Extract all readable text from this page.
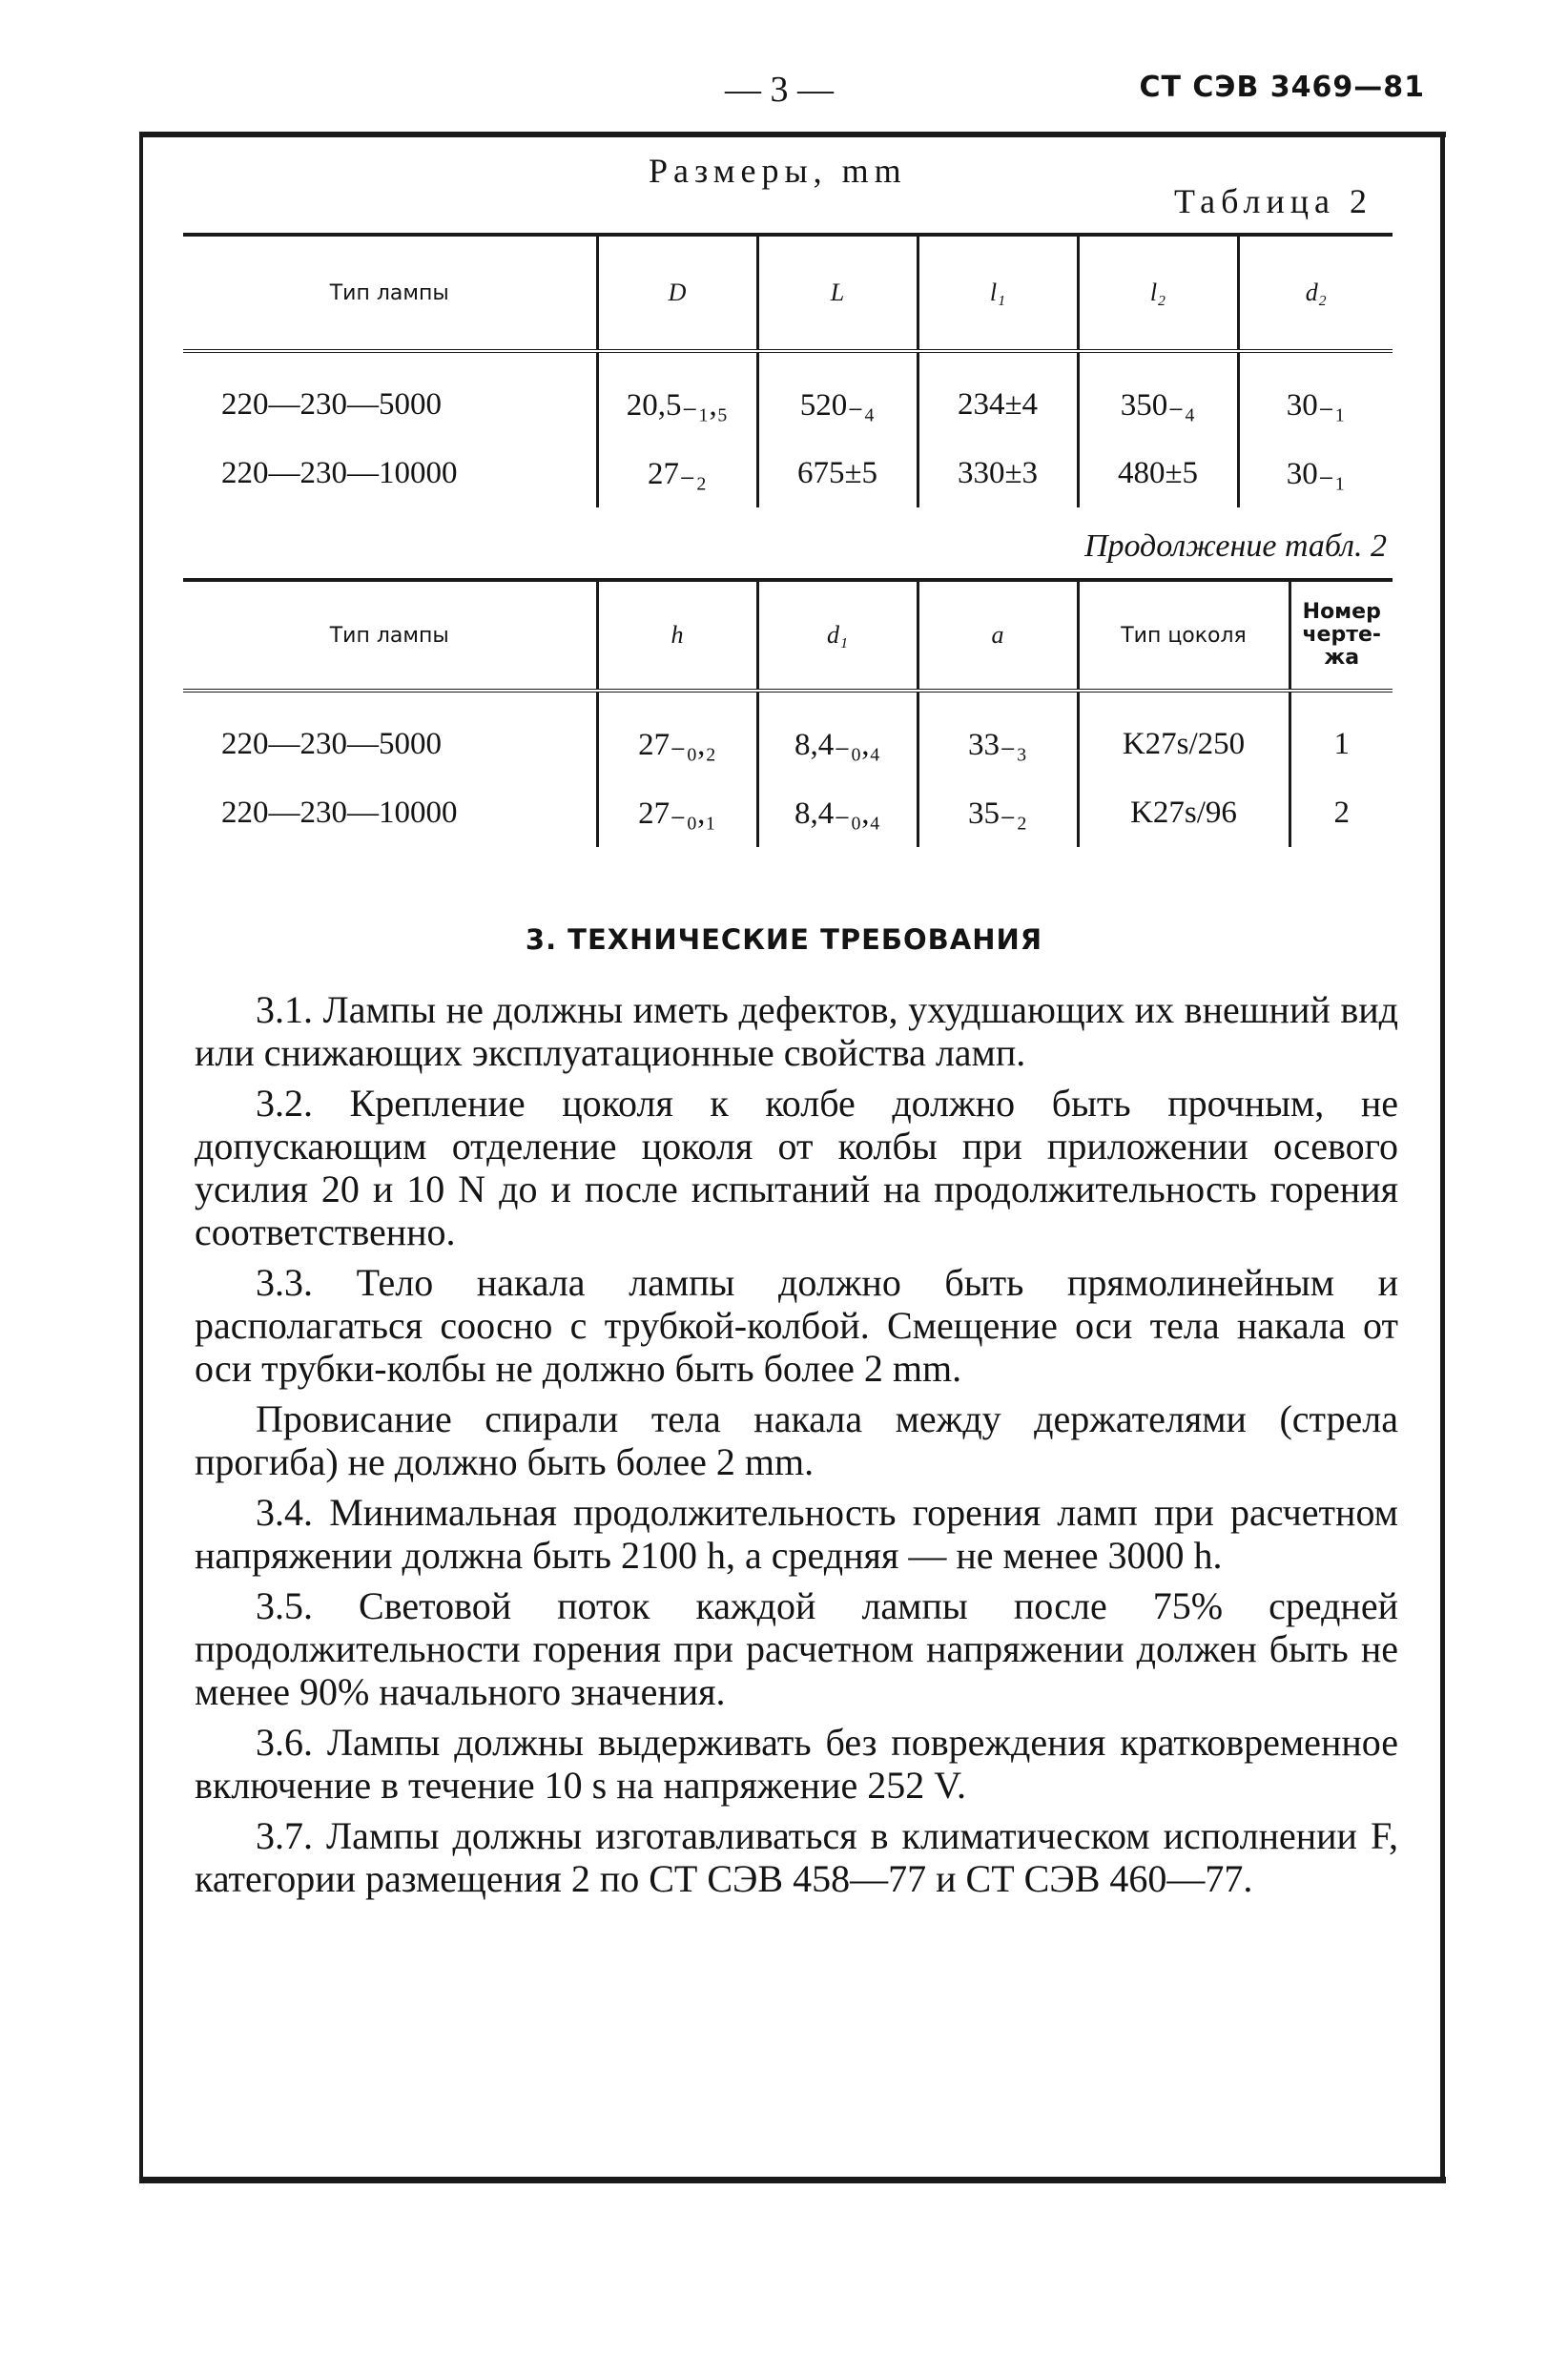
— 3 —	СТ СЭВ 3469—81
Размеры, mm
Таблица 2
Тип лампы	D	L	l₁	l₂	d₂
220—230—5000	20,5₋₁,₅	520₋₄	234±4	350₋₄	30₋₁
220—230—10000	27₋₂	675±5	330±3	480±5	30₋₁
Продолжение табл. 2
Тип лампы	h	d₁	a	Тип цоколя	Номер черте-жа
220—230—5000	27₋₀,₂	8,4₋₀,₄	33₋₃	K27s/250	1
220—230—10000	27₋₀,₁	8,4₋₀,₄	35₋₂	K27s/96	2
3. ТЕХНИЧЕСКИЕ ТРЕБОВАНИЯ

3.1. Лампы не должны иметь дефектов, ухудшающих их внешний вид или снижающих эксплуатационные свойства ламп.

3.2. Крепление цоколя к колбе должно быть прочным, не допускающим отделение цоколя от колбы при приложении осевого усилия 20 и 10 N до и после испытаний на продолжительность горения соответственно.

3.3. Тело накала лампы должно быть прямолинейным и располагаться соосно с трубкой-колбой. Смещение оси тела накала от оси трубки-колбы не должно быть более 2 mm.

Провисание спирали тела накала между держателями (стрела прогиба) не должно быть более 2 mm.

3.4. Минимальная продолжительность горения ламп при расчетном напряжении должна быть 2100 h, а средняя — не менее 3000 h.

3.5. Световой поток каждой лампы после 75% средней продолжительности горения при расчетном напряжении должен быть не менее 90% начального значения.

3.6. Лампы должны выдерживать без повреждения кратковременное включение в течение 10 s на напряжение 252 V.

3.7. Лампы должны изготавливаться в климатическом исполнении F, категории размещения 2 по СТ СЭВ 458—77 и СТ СЭВ 460—77.
